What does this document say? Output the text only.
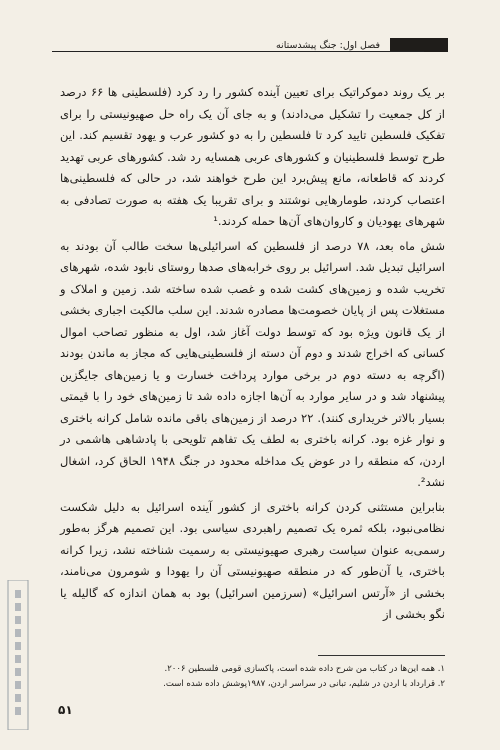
فصل اول: جنگ پیشدستانه

بر یک روند دموکراتیک برای تعیین آینده کشور را رد کرد (فلسطینی ها ۶۶ درصد از کل جمعیت را تشکیل می‌دادند) و به جای آن یک راه حل صهیونیستی را برای تفکیک فلسطین تایید کرد تا فلسطین را به دو کشور عرب و یهود تقسیم کند. این طرح توسط فلسطینیان و کشورهای عربی همسایه رد شد. کشورهای عربی تهدید کردند که قاطعانه، مانع پیش‌برد این طرح خواهند شد، در حالی که فلسطینی‌ها اعتصاب کردند، طومارهایی نوشتند و برای تقریبا یک هفته به صورت تصادفی به شهرهای یهودیان و کاروان‌های آن‌ها حمله کردند.¹

شش ماه بعد، ۷۸ درصد از فلسطین که اسرائیلی‌ها سخت طالب آن بودند به اسرائیل تبدیل شد. اسرائیل بر روی خرابه‌های صدها روستای نابود شده، شهرهای تخریب شده و زمین‌های کشت شده و غصب شده ساخته شد. زمین و املاک و مستغلات پس از پایان خصومت‌ها مصادره شدند. این سلب مالکیت اجباری بخشی از یک قانون ویژه بود که توسط دولت آغاز شد، اول به منظور تصاحب اموال کسانی که اخراج شدند و دوم آن دسته از فلسطینی‌هایی که مجاز به ماندن بودند (اگرچه به دسته دوم در برخی موارد پرداخت خسارت و یا زمین‌های جایگزین پیشنهاد شد و در سایر موارد به آن‌ها اجازه داده شد تا زمین‌های خود را با قیمتی بسیار بالاتر خریداری کنند). ۲۲ درصد از زمین‌های باقی مانده شامل کرانه باختری و نوار غزه بود. کرانه باختری به لطف یک تفاهم تلویحی با پادشاهی هاشمی در اردن، که منطقه را در عوض یک مداخله محدود در جنگ ۱۹۴۸ الحاق کرد، اشغال نشد².

بنابراین مستثنی کردن کرانه باختری از کشور آینده اسرائیل به دلیل شکست نظامی‌نبود، بلکه ثمره یک تصمیم راهبردی سیاسی بود. این تصمیم هرگز به‌طور رسمی‌به عنوان سیاست رهبری صهیونیستی به رسمیت شناخته نشد، زیرا کرانه باختری، یا آن‌طور که در منطقه صهیونیستی آن را یهودا و شومرون می‌نامند، بخشی از «آرتس اسرائیل» (سرزمین اسرائیل) بود به همان اندازه که گالیله یا نگو بخشی از

۱. همه این‌ها در کتاب من شرح داده شده است، پاکسازی قومی فلسطین ۲۰۰۶.
۲. قرارداد با اردن در شلیم، تبانی در سراسر اردن، ۱۹۸۷پوشش داده شده است.
۵۱
